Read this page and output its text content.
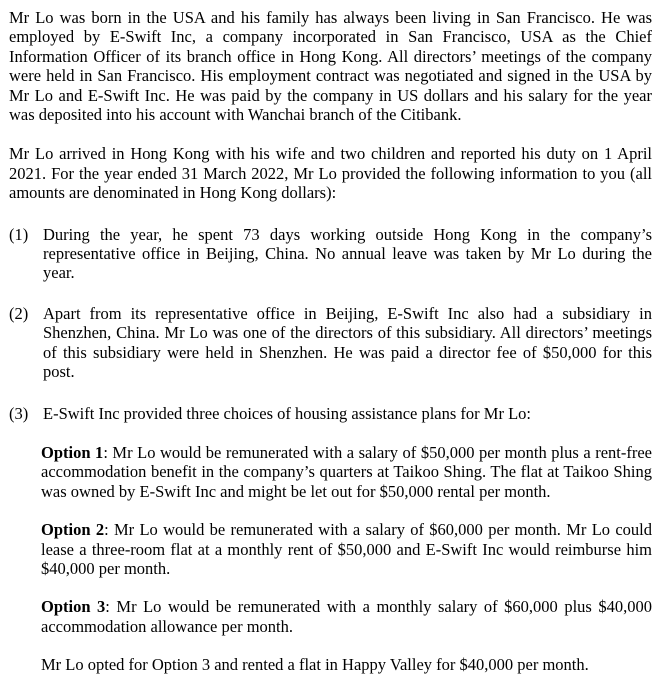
Mr Lo was born in the USA and his family has always been living in San Francisco. He was employed by E-Swift Inc, a company incorporated in San Francisco, USA as the Chief Information Officer of its branch office in Hong Kong. All directors’ meetings of the company were held in San Francisco. His employment contract was negotiated and signed in the USA by Mr Lo and E-Swift Inc. He was paid by the company in US dollars and his salary for the year was deposited into his account with Wanchai branch of the Citibank.

Mr Lo arrived in Hong Kong with his wife and two children and reported his duty on 1 April 2021. For the year ended 31 March 2022, Mr Lo provided the following information to you (all amounts are denominated in Hong Kong dollars):

(1) During the year, he spent 73 days working outside Hong Kong in the company’s representative office in Beijing, China. No annual leave was taken by Mr Lo during the year.
(2) Apart from its representative office in Beijing, E-Swift Inc also had a subsidiary in Shenzhen, China. Mr Lo was one of the directors of this subsidiary. All directors’ meetings of this subsidiary were held in Shenzhen. He was paid a director fee of $50,000 for this post.
(3) E-Swift Inc provided three choices of housing assistance plans for Mr Lo:

Option 1: Mr Lo would be remunerated with a salary of $50,000 per month plus a rent-free accommodation benefit in the company’s quarters at Taikoo Shing. The flat at Taikoo Shing was owned by E-Swift Inc and might be let out for $50,000 rental per month.

Option 2: Mr Lo would be remunerated with a salary of $60,000 per month. Mr Lo could lease a three-room flat at a monthly rent of $50,000 and E-Swift Inc would reimburse him $40,000 per month.

Option 3: Mr Lo would be remunerated with a monthly salary of $60,000 plus $40,000 accommodation allowance per month.

Mr Lo opted for Option 3 and rented a flat in Happy Valley for $40,000 per month.
